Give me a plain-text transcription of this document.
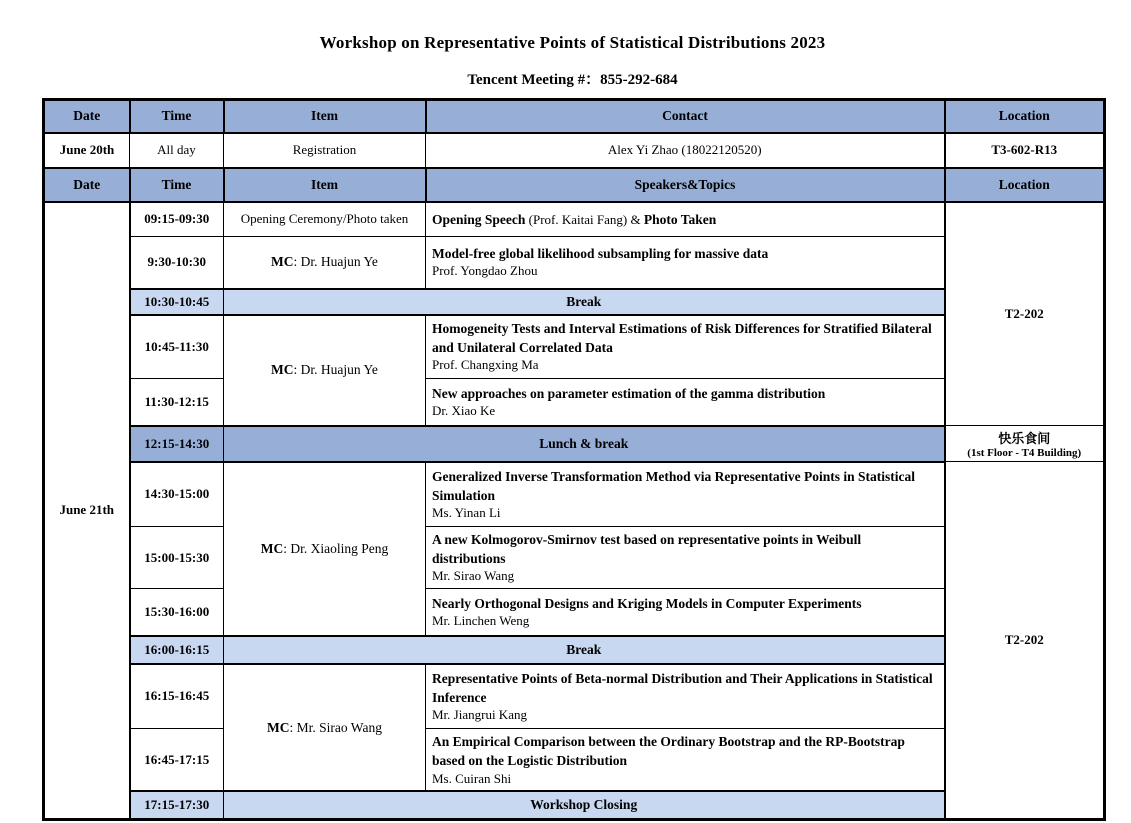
Workshop on Representative Points of Statistical Distributions 2023
Tencent Meeting #：855-292-684
Date	Time	Item	Contact	Location
June 20th	All day	Registration	Alex Yi Zhao (18022120520)	T3-602-R13
Date	Time	Item	Speakers&Topics	Location
June 21th	09:15-09:30	Opening Ceremony/Photo taken	Opening Speech (Prof. Kaitai Fang) & Photo Taken	T2-202
	9:30-10:30	MC: Dr. Huajun Ye	Model-free global likelihood subsampling for massive data
Prof. Yongdao Zhou	

	10:30-10:45	Break		
	10:45-11:30	MC: Dr. Huajun Ye	Homogeneity Tests and Interval Estimations of Risk Differences for Stratified Bilateral and Unilateral Correlated Data
Prof. Changxing Ma	

	11:30-12:15		New approaches on parameter estimation of the gamma distribution
Dr. Xiao Ke	

	12:15-14:30	Lunch & break		快乐食间
(1st Floor - T4 Building)

	14:30-15:00	MC: Dr. Xiaoling Peng	Generalized Inverse Transformation Method via Representative Points in Statistical Simulation
Ms. Yinan Li	T2-202
	15:00-15:30		A new Kolmogorov-Smirnov test based on representative points in Weibull distributions
Mr. Sirao Wang	

	15:30-16:00		Nearly Orthogonal Designs and Kriging Models in Computer Experiments
Mr. Linchen Weng	

	16:00-16:15	Break		
	16:15-16:45	MC: Mr. Sirao Wang	Representative Points of Beta-normal Distribution and Their Applications in Statistical Inference
Mr. Jiangrui Kang	

	16:45-17:15		An Empirical Comparison between the Ordinary Bootstrap and the RP-Bootstrap based on the Logistic Distribution
Ms. Cuiran Shi	

	17:15-17:30	Workshop Closing		
